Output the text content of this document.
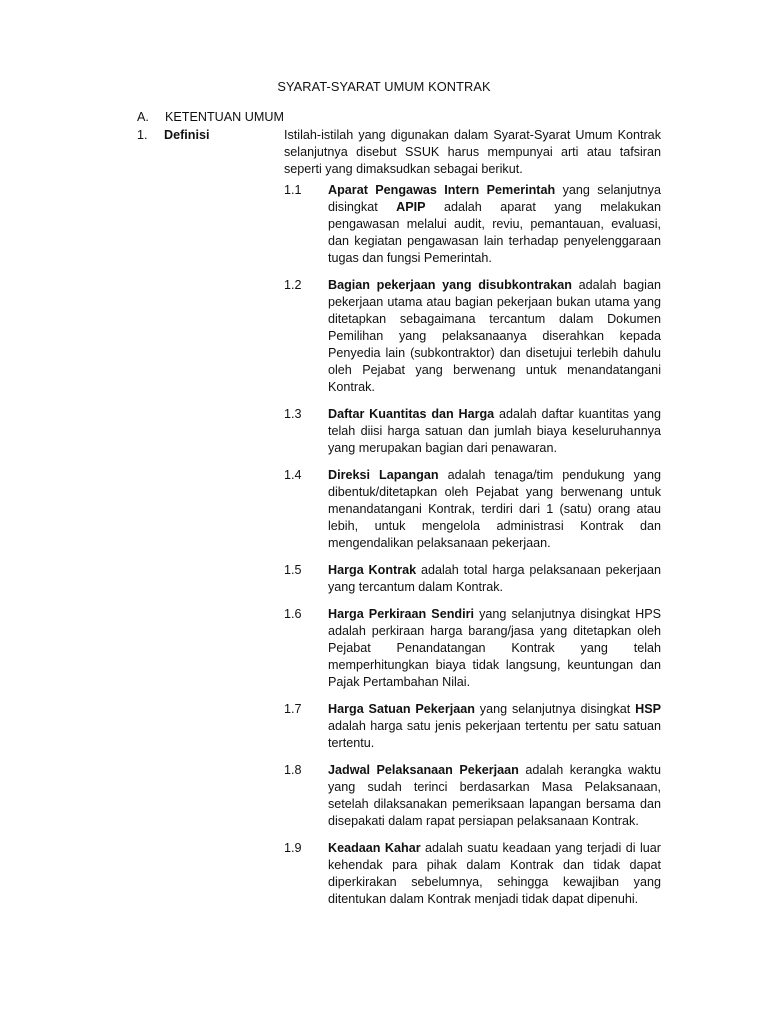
SYARAT-SYARAT UMUM KONTRAK
A.	KETENTUAN UMUM
1.	Definisi	Istilah-istilah yang digunakan dalam Syarat-Syarat Umum Kontrak selanjutnya disebut SSUK harus mempunyai arti atau tafsiran seperti yang dimaksudkan sebagai berikut.
1.1	Aparat Pengawas Intern Pemerintah yang selanjutnya disingkat APIP adalah aparat yang melakukan pengawasan melalui audit, reviu, pemantauan, evaluasi, dan kegiatan pengawasan lain terhadap penyelenggaraan tugas dan fungsi Pemerintah.
1.2	Bagian pekerjaan yang disubkontrakan adalah bagian pekerjaan utama atau bagian pekerjaan bukan utama yang ditetapkan sebagaimana tercantum dalam Dokumen Pemilihan yang pelaksanaanya diserahkan kepada Penyedia lain (subkontraktor) dan disetujui terlebih dahulu oleh Pejabat yang berwenang untuk menandatangani Kontrak.
1.3	Daftar Kuantitas dan Harga adalah daftar kuantitas yang telah diisi harga satuan dan jumlah biaya keseluruhannya yang merupakan bagian dari penawaran.
1.4	Direksi Lapangan adalah tenaga/tim pendukung yang dibentuk/ditetapkan oleh Pejabat yang berwenang untuk menandatangani Kontrak, terdiri dari 1 (satu) orang atau lebih, untuk mengelola administrasi Kontrak dan mengendalikan pelaksanaan pekerjaan.
1.5	Harga Kontrak adalah total harga pelaksanaan pekerjaan yang tercantum dalam Kontrak.
1.6	Harga Perkiraan Sendiri yang selanjutnya disingkat HPS adalah perkiraan harga barang/jasa yang ditetapkan oleh Pejabat Penandatangan Kontrak yang telah memperhitungkan biaya tidak langsung, keuntungan dan Pajak Pertambahan Nilai.
1.7	Harga Satuan Pekerjaan yang selanjutnya disingkat HSP adalah harga satu jenis pekerjaan tertentu per satu satuan tertentu.
1.8	Jadwal Pelaksanaan Pekerjaan adalah kerangka waktu yang sudah terinci berdasarkan Masa Pelaksanaan, setelah dilaksanakan pemeriksaan lapangan bersama dan disepakati dalam rapat persiapan pelaksanaan Kontrak.
1.9	Keadaan Kahar adalah suatu keadaan yang terjadi di luar kehendak para pihak dalam Kontrak dan tidak dapat diperkirakan sebelumnya, sehingga kewajiban yang ditentukan dalam Kontrak menjadi tidak dapat dipenuhi.
